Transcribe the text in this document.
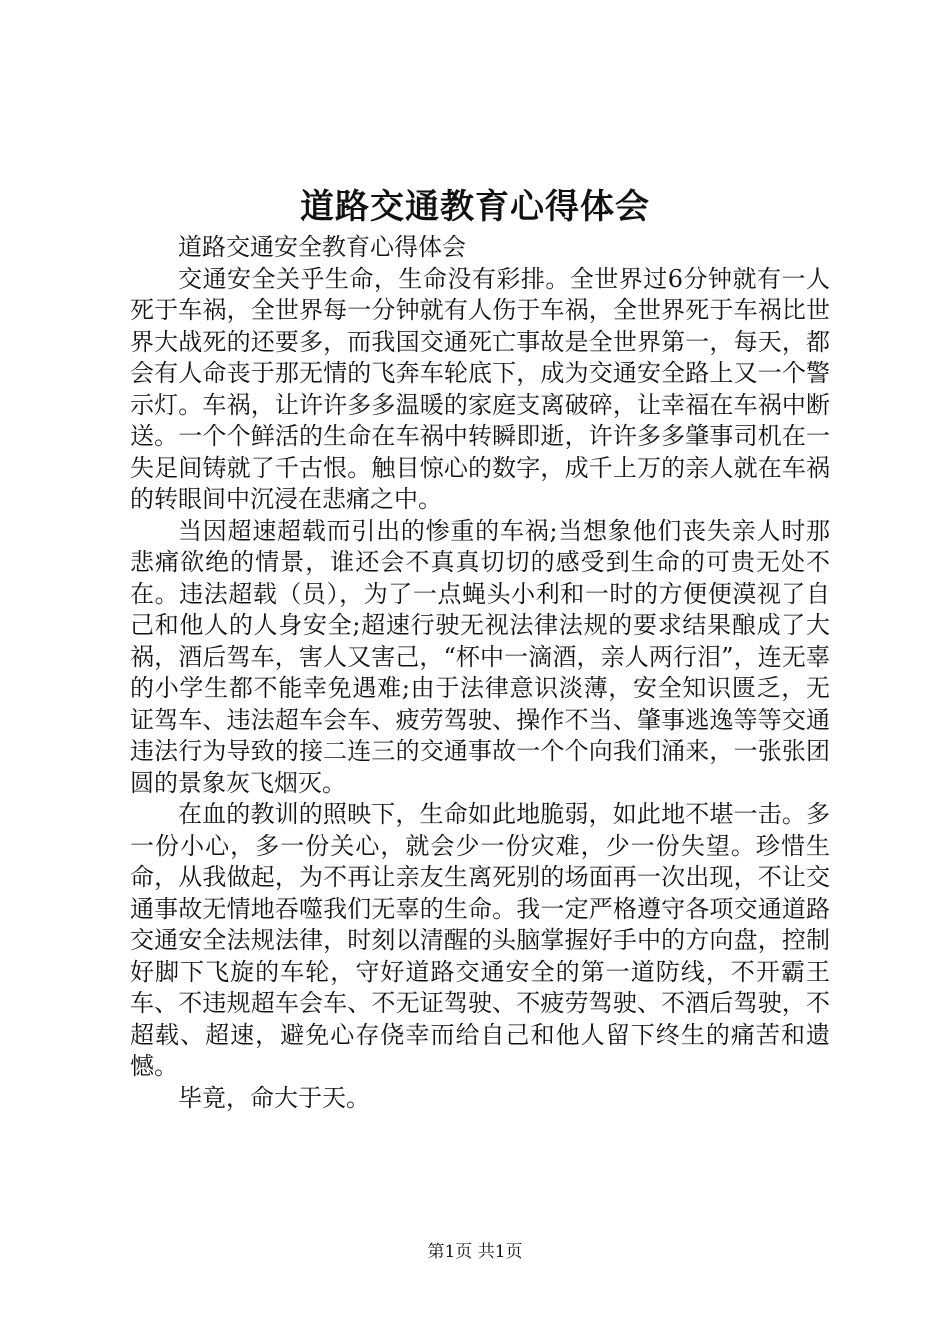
道路交通教育心得体会

道路交通安全教育心得体会

交通安全关乎生命，生命没有彩排。全世界过6分钟就有一人死于车祸，全世界每一分钟就有人伤于车祸，全世界死于车祸比世界大战死的还要多，而我国交通死亡事故是全世界第一，每天，都会有人命丧于那无情的飞奔车轮底下，成为交通安全路上又一个警示灯。车祸，让许许多多温暖的家庭支离破碎，让幸福在车祸中断送。一个个鲜活的生命在车祸中转瞬即逝，许许多多肇事司机在一失足间铸就了千古恨。触目惊心的数字，成千上万的亲人就在车祸的转眼间中沉浸在悲痛之中。

当因超速超载而引出的惨重的车祸;当想象他们丧失亲人时那悲痛欲绝的情景，谁还会不真真切切的感受到生命的可贵无处不在。违法超载（员），为了一点蝇头小利和一时的方便便漠视了自己和他人的人身安全;超速行驶无视法律法规的要求结果酿成了大祸，酒后驾车，害人又害己，“杯中一滴酒，亲人两行泪”，连无辜的小学生都不能幸免遇难;由于法律意识淡薄，安全知识匮乏，无证驾车、违法超车会车、疲劳驾驶、操作不当、肇事逃逸等等交通违法行为导致的接二连三的交通事故一个个向我们涌来，一张张团圆的景象灰飞烟灭。

在血的教训的照映下，生命如此地脆弱，如此地不堪一击。多一份小心，多一份关心，就会少一份灾难，少一份失望。珍惜生命，从我做起，为不再让亲友生离死别的场面再一次出现，不让交通事故无情地吞噬我们无辜的生命。我一定严格遵守各项交通道路交通安全法规法律，时刻以清醒的头脑掌握好手中的方向盘，控制好脚下飞旋的车轮，守好道路交通安全的第一道防线，不开霸王车、不违规超车会车、不无证驾驶、不疲劳驾驶、不酒后驾驶，不超载、超速，避免心存侥幸而给自己和他人留下终生的痛苦和遗憾。

毕竟，命大于天。

第1页 共1页
